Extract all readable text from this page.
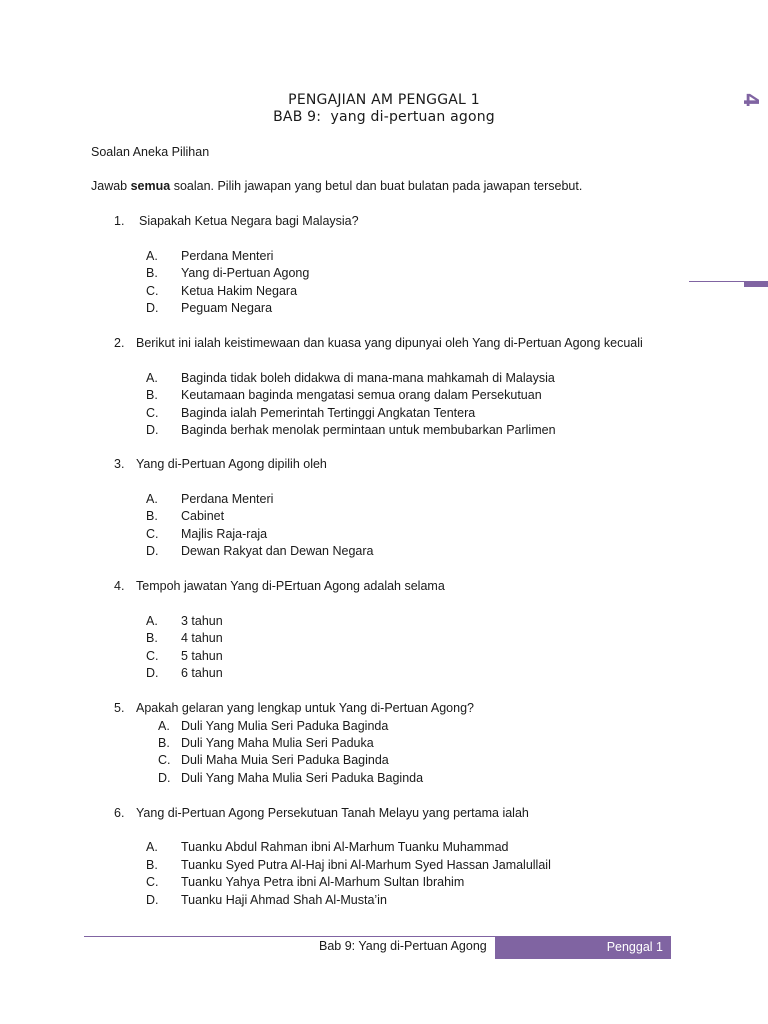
PENGAJIAN AM PENGGAL 1
BAB 9:  yang di-pertuan agong
4
Soalan Aneka Pilihan
Jawab semua soalan. Pilih jawapan yang betul dan buat bulatan pada jawapan tersebut.
1. Siapakah Ketua Negara bagi Malaysia?
A. Perdana Menteri
B. Yang di-Pertuan Agong
C. Ketua Hakim Negara
D. Peguam Negara
2. Berikut ini ialah keistimewaan dan kuasa yang dipunyai oleh Yang di-Pertuan Agong kecuali
A. Baginda tidak boleh didakwa di mana-mana mahkamah di Malaysia
B. Keutamaan baginda mengatasi semua orang dalam Persekutuan
C. Baginda ialah Pemerintah Tertinggi Angkatan Tentera
D. Baginda berhak menolak permintaan untuk membubarkan Parlimen
3. Yang di-Pertuan Agong dipilih oleh
A. Perdana Menteri
B. Cabinet
C. Majlis Raja-raja
D. Dewan Rakyat dan Dewan Negara
4. Tempoh jawatan Yang di-PErtuan Agong adalah selama
A. 3 tahun
B. 4 tahun
C. 5 tahun
D. 6 tahun
5. Apakah gelaran yang lengkap untuk Yang di-Pertuan Agong?
A. Duli Yang Mulia Seri Paduka Baginda
B. Duli Yang Maha Mulia Seri Paduka
C. Duli Maha Muia Seri Paduka Baginda
D. Duli Yang Maha Mulia Seri Paduka Baginda
6. Yang di-Pertuan Agong Persekutuan Tanah Melayu yang pertama ialah
A. Tuanku Abdul Rahman ibni Al-Marhum Tuanku Muhammad
B. Tuanku Syed Putra Al-Haj ibni Al-Marhum Syed Hassan Jamalullail
C. Tuanku Yahya Petra ibni Al-Marhum Sultan Ibrahim
D. Tuanku Haji Ahmad Shah Al-Musta’in
Bab 9: Yang di-Pertuan Agong	Penggal 1
